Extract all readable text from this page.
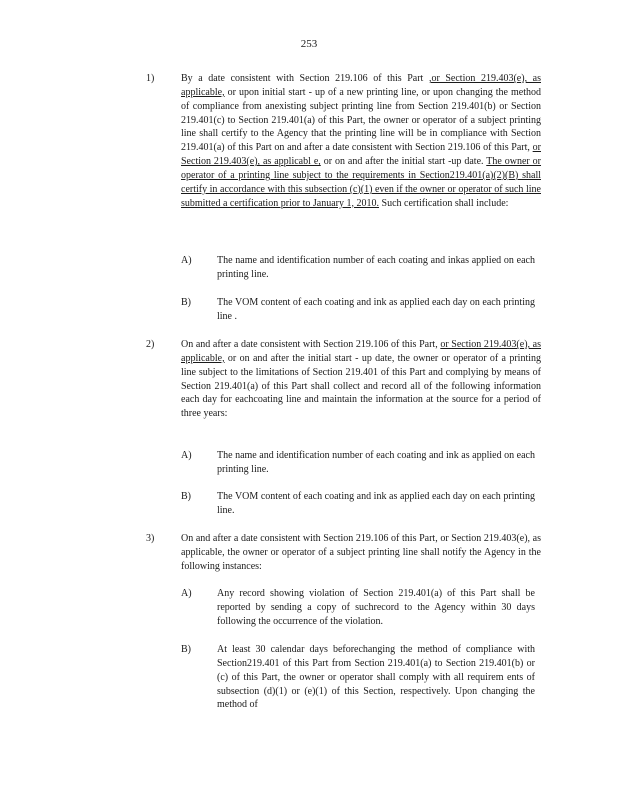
253
1)	By a date consistent with Section 219.106 of this Part ,or Section 219.403(e), as applicable, or upon initial start - up of a new printing line, or upon changing the method of compliance from anexisting subject printing line from Section 219.401(b) or Section 219.401(c) to Section 219.401(a) of this Part, the owner or operator of a subject printing line shall certify to the Agency that the printing line will be in compliance with Section 219.401(a) of this Part on and after a date consistent with Section 219.106 of this Part, or Section 219.403(e), as applicabl e, or on and after the initial start -up date. The owner or operator of a printing line subject to the requirements in Section219.401(a)(2)(B) shall certify in accordance with this subsection (c)(1) even if the owner or operator of such line submitted a certification prior to January 1, 2010. Such certification shall include:
A)	The name and identification number of each coating and inkas applied on each printing line.
B)	The VOM content of each coating and ink as applied each day on each printing line .
2)	On and after a date consistent with Section 219.106 of this Part, or Section 219.403(e), as applicable, or on and after the initial start - up date, the owner or operator of a printing line subject to the limitations of Section 219.401 of this Part and complying by means of Section 219.401(a) of this Part shall collect and record all of the following information each day for eachcoating line and maintain the information at the source for a period of three years:
A)	The name and identification number of each coating and ink as applied on each printing line.
B)	The VOM content of each coating and ink as applied each day on each printing line.
3)	On and after a date consistent with Section 219.106 of this Part, or Section 219.403(e), as applicable, the owner or operator of a subject printing line shall notify the Agency in the following instances:
A)	Any record showing violation of Section 219.401(a) of this Part shall be reported by sending a copy of suchrecord to the Agency within 30 days following the occurrence of the violation.
B)	At least 30 calendar days beforechanging the method of compliance with Section219.401 of this Part from Section 219.401(a) to Section 219.401(b) or (c) of this Part, the owner or operator shall comply with all requirem ents of subsection (d)(1) or (e)(1) of this Section, respectively. Upon changing the method of
